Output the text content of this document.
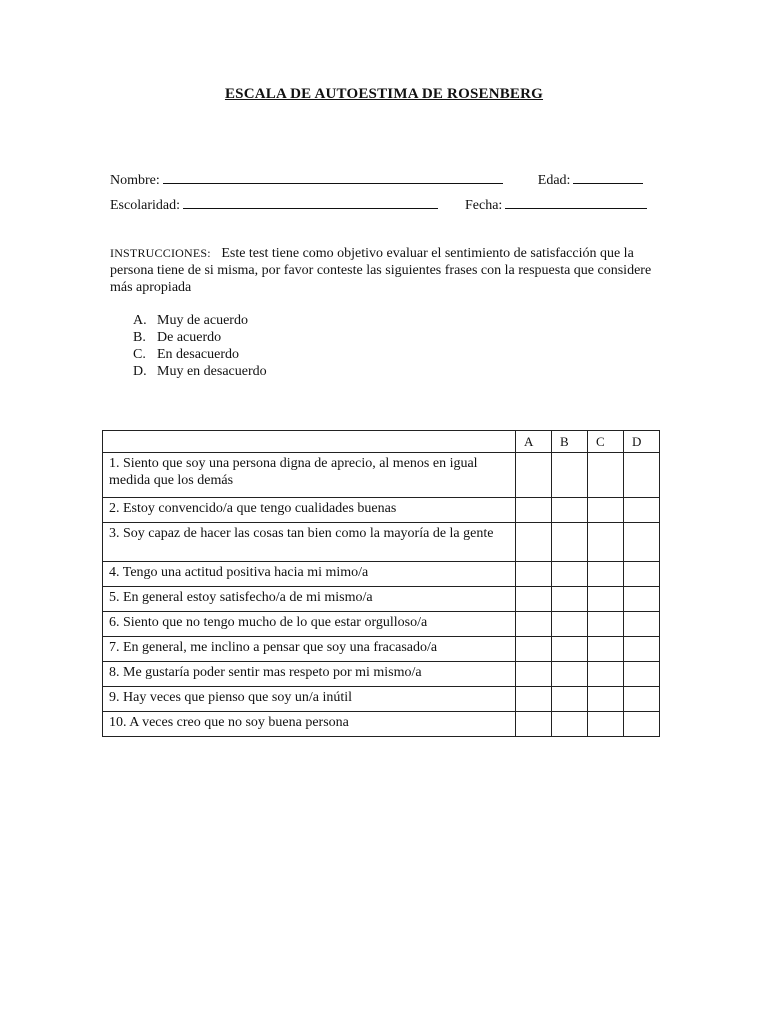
ESCALA DE AUTOESTIMA DE ROSENBERG
Nombre:	Edad:
Escolaridad:	Fecha:
INSTRUCCIONES: Este test tiene como objetivo evaluar el sentimiento de satisfacción que la persona tiene de si misma, por favor conteste las siguientes frases con la respuesta que considere más apropiada
A. Muy de acuerdo
B. De acuerdo
C. En desacuerdo
D. Muy en desacuerdo
	A	B	C	D
1. Siento que soy una persona digna de aprecio, al menos en igual medida que los demás				
2. Estoy convencido/a que tengo cualidades buenas				
3. Soy capaz de hacer las cosas tan bien como la mayoría de la gente				
4. Tengo una actitud positiva hacia mi mimo/a				
5. En general estoy satisfecho/a de mi mismo/a				
6. Siento que no tengo mucho de lo que estar orgulloso/a				
7. En general, me inclino a pensar que soy una fracasado/a				
8. Me gustaría poder sentir mas respeto por mi mismo/a				
9. Hay veces que pienso que soy un/a inútil				
10. A veces creo que no soy buena persona				
